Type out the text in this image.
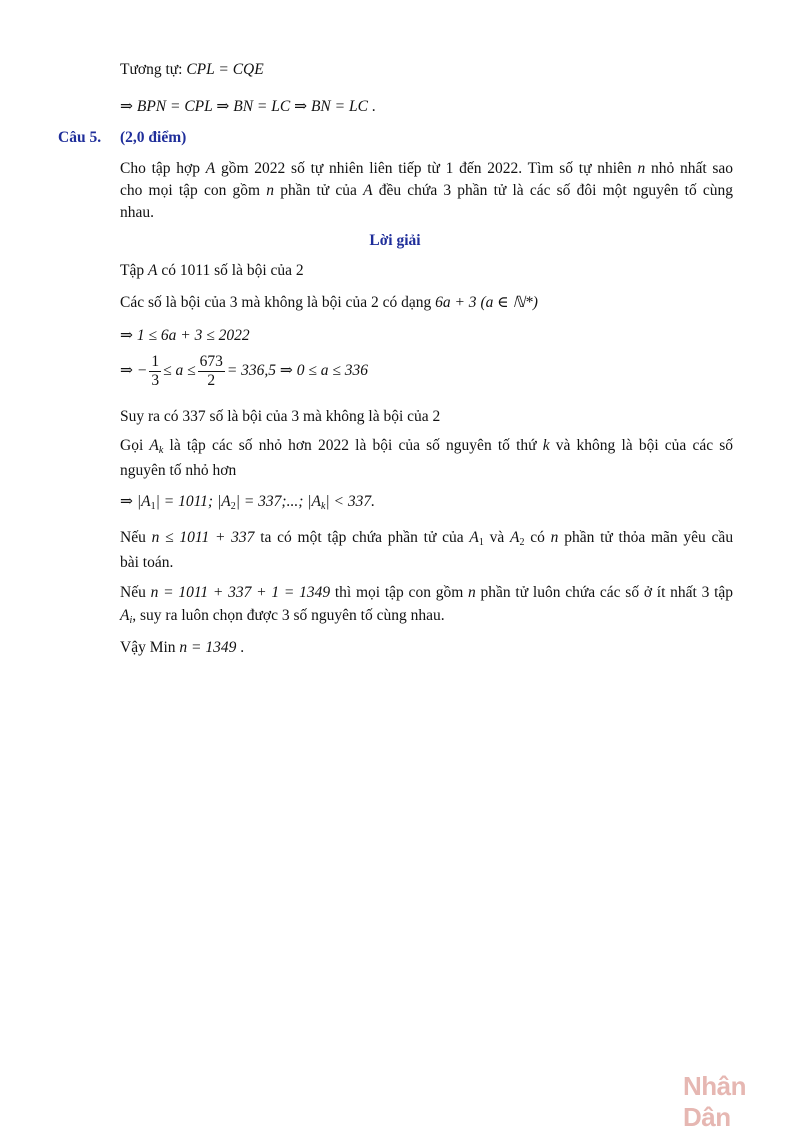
Tương tự: CPL = CQE
⇒ BPN = CPL ⇒ BN = LC ⇒ BN = LC .
Câu 5. (2,0 điểm)
Cho tập hợp A gồm 2022 số tự nhiên liên tiếp từ 1 đến 2022. Tìm số tự nhiên n nhỏ nhất sao
cho mọi tập con gồm n phần tử của A đều chứa 3 phần tử là các số đôi một nguyên tố cùng
nhau.
Lời giải
Tập A có 1011 số là bội của 2
Các số là bội của 3 mà không là bội của 2 có dạng 6a + 3 (a ∈ ℕ*)
⇒ 1 ≤ 6a + 3 ≤ 2022
⇒ − $\frac{1}{3} \le a \le \frac{673}{2} = 336,5$ ⇒ 0 ≤ a ≤ 336
Suy ra có 337 số là bội của 3 mà không là bội của 2
Gọi Ak là tập các số nhỏ hơn 2022 là bội của số nguyên tố thứ k và không là bội của các số
nguyên tố nhỏ hơn
⇒ $|A_1| = 1011$; $|A_2| = 337$;...; |Ak| < 337.
Nếu n ≤ 1011 + 337 ta có một tập chứa phần tử của $A_1$ và $A_2$ có n phần tử thỏa mãn yêu cầu
bài toán.
Nếu n = 1011 + 337 + 1 = 1349 thì mọi tập con gồm n phần tử luôn chứa các số ở ít nhất 3 tập
Ai, suy ra luôn chọn được 3 số nguyên tố cùng nhau.
Vậy Min n = 1349 .
Nhân Dân
